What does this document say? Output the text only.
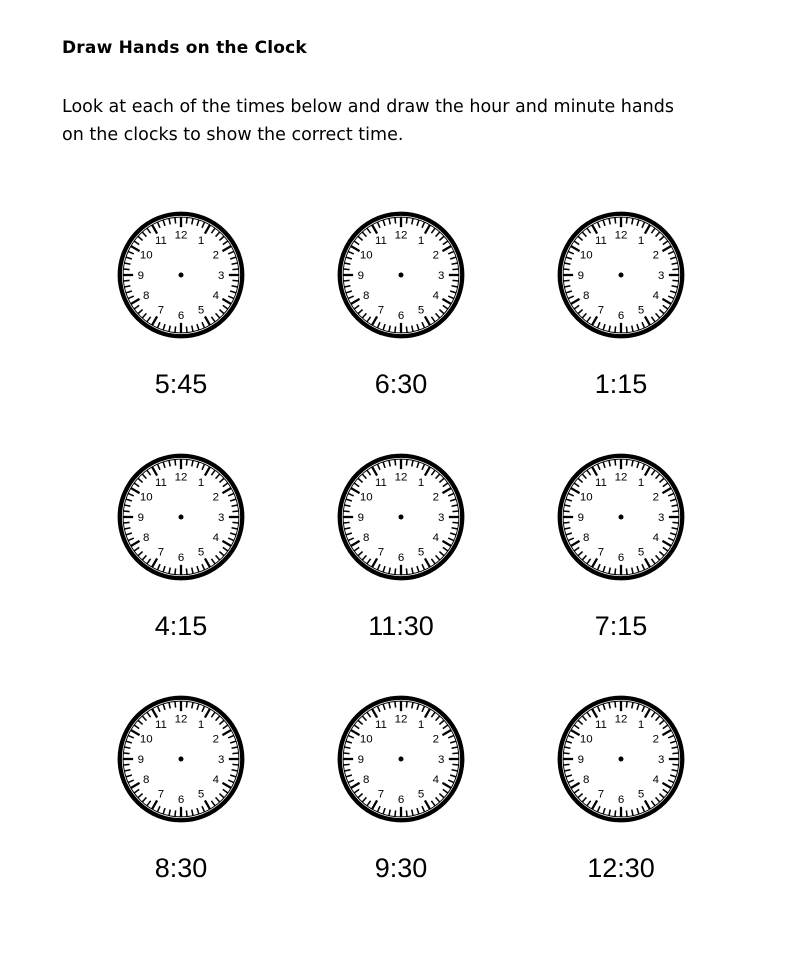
Draw Hands on the Clock
Look at each of the times below and draw the hour and minute hands
on the clocks to show the correct time.
12 1
2
3
4
5
6
7
8
9
10
11
5:45
12 1
2
3
4
5
6
7
8
9
10
11
6:30
12 1
2
3
4
5
6
7
8
9
10
11
1:15
12 1
2
3
4
5
6
7
8
9
10
11
4:15
12 1
2
3
4
5
6
7
8
9
10
11
11:30
12 1
2
3
4
5
6
7
8
9
10
11
7:15
12 1
2
3
4
5
6
7
8
9
10
11
8:30
12 1
2
3
4
5
6
7
8
9
10
11
9:30
12 1
2
3
4
5
6
7
8
9
10
11
12:30
